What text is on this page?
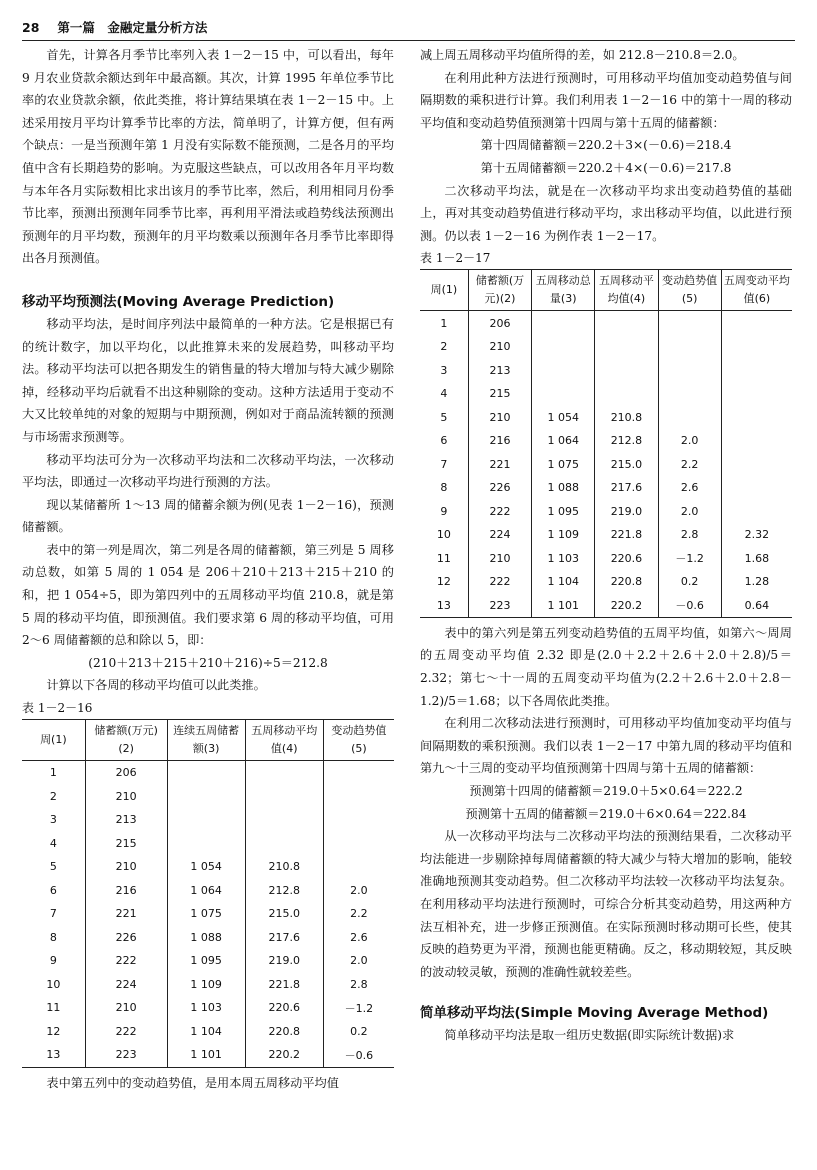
28 第一篇　金融定量分析方法

首先，计算各月季节比率列入表 1－2－15 中，可以看出，每年 9 月农业贷款余额达到年中最高额。其次，计算 1995 年单位季节比率的农业贷款余额，依此类推，将计算结果填在表 1－2－15 中。上述采用按月平均计算季节比率的方法，简单明了，计算方便，但有两个缺点：一是当预测年第 1 月没有实际数不能预测，二是各月的平均值中含有长期趋势的影响。为克服这些缺点，可以改用各年月平均数与本年各月实际数相比求出该月的季节比率，然后，利用相同月份季节比率，预测出预测年同季节比率，再利用平滑法或趋势线法预测出预测年的月平均数，预测年的月平均数乘以预测年各月季节比率即得出各月预测值。

移动平均预测法(Moving Average Prediction)

移动平均法，是时间序列法中最简单的一种方法。它是根据已有的统计数字，加以平均化，以此推算未来的发展趋势，叫移动平均法。移动平均法可以把各期发生的销售量的特大增加与特大减少剔除掉，经移动平均后就看不出这种剔除的变动。这种方法适用于变动不大又比较单纯的对象的短期与中期预测，例如对于商品流转额的预测与市场需求预测等。

移动平均法可分为一次移动平均法和二次移动平均法，一次移动平均法，即通过一次移动平均进行预测的方法。

现以某储蓄所 1～13 周的储蓄余额为例(见表 1－2－16)，预测储蓄额。

表中的第一列是周次，第二列是各周的储蓄额，第三列是 5 周移动总数，如第 5 周的 1 054 是 206＋210＋213＋215＋210 的和，把 1 054÷5，即为第四列中的五周移动平均值 210.8，就是第 5 周的移动平均值，即预测值。我们要求第 6 周的移动平均值，可用 2～6 周储蓄额的总和除以 5，即：

(210＋213＋215＋210＋216)÷5＝212.8

计算以下各周的移动平均值可以此类推。

表 1－2－16
周(1)	储蓄额(万元)(2)	连续五周储蓄额(3)	五周移动平均值(4)	变动趋势值(5)
1	206			
2	210			
3	213			
4	215			
5	210	1 054	210.8	
6	216	1 064	212.8	2.0
7	221	1 075	215.0	2.2
8	226	1 088	217.6	2.6
9	222	1 095	219.0	2.0
10	224	1 109	221.8	2.8
11	210	1 103	220.6	－1.2
12	222	1 104	220.8	0.2
13	223	1 101	220.2	－0.6

表中第五列中的变动趋势值，是用本周五周移动平均值

减上周五周移动平均值所得的差，如 212.8－210.8＝2.0。

在利用此种方法进行预测时，可用移动平均值加变动趋势值与间隔期数的乘积进行计算。我们利用表 1－2－16 中的第十一周的移动平均值和变动趋势值预测第十四周与第十五周的储蓄额：

第十四周储蓄额＝220.2＋3×(－0.6)＝218.4

第十五周储蓄额＝220.2＋4×(－0.6)＝217.8

二次移动平均法，就是在一次移动平均求出变动趋势值的基础上，再对其变动趋势值进行移动平均，求出移动平均值，以此进行预测。仍以表 1－2－16 为例作表 1－2－17。

表 1－2－17
周(1)	储蓄额(万元)(2)	五周移动总量(3)	五周移动平均值(4)	变动趋势值(5)	五周变动平均值(6)
1	206				
2	210				
3	213				
4	215				
5	210	1 054	210.8		
6	216	1 064	212.8	2.0	
7	221	1 075	215.0	2.2	
8	226	1 088	217.6	2.6	
9	222	1 095	219.0	2.0	
10	224	1 109	221.8	2.8	2.32
11	210	1 103	220.6	－1.2	1.68
12	222	1 104	220.8	0.2	1.28
13	223	1 101	220.2	－0.6	0.64

表中的第六列是第五列变动趋势值的五周平均值，如第六～周周的五周变动平均值 2.32 即是(2.0＋2.2＋2.6＋2.0＋2.8)/5＝2.32；第七～十一周的五周变动平均值为(2.2＋2.6＋2.0＋2.8－1.2)/5＝1.68；以下各周依此类推。

在利用二次移动法进行预测时，可用移动平均值加变动平均值与间隔期数的乘积预测。我们以表 1－2－17 中第九周的移动平均值和第九～十三周的变动平均值预测第十四周与第十五周的储蓄额：

预测第十四周的储蓄额＝219.0＋5×0.64＝222.2

预测第十五周的储蓄额＝219.0＋6×0.64＝222.84

从一次移动平均法与二次移动平均法的预测结果看，二次移动平均法能进一步剔除掉每周储蓄额的特大减少与特大增加的影响，能较准确地预测其变动趋势。但二次移动平均法较一次移动平均法复杂。在利用移动平均法进行预测时，可综合分析其变动趋势，用这两种方法互相补充，进一步修正预测值。在实际预测时移动期可长些，使其反映的趋势更为平滑，预测也能更精确。反之，移动期较短，其反映的波动较灵敏，预测的准确性就较差些。

简单移动平均法(Simple Moving Average Method)

简单移动平均法是取一组历史数据(即实际统计数据)求
